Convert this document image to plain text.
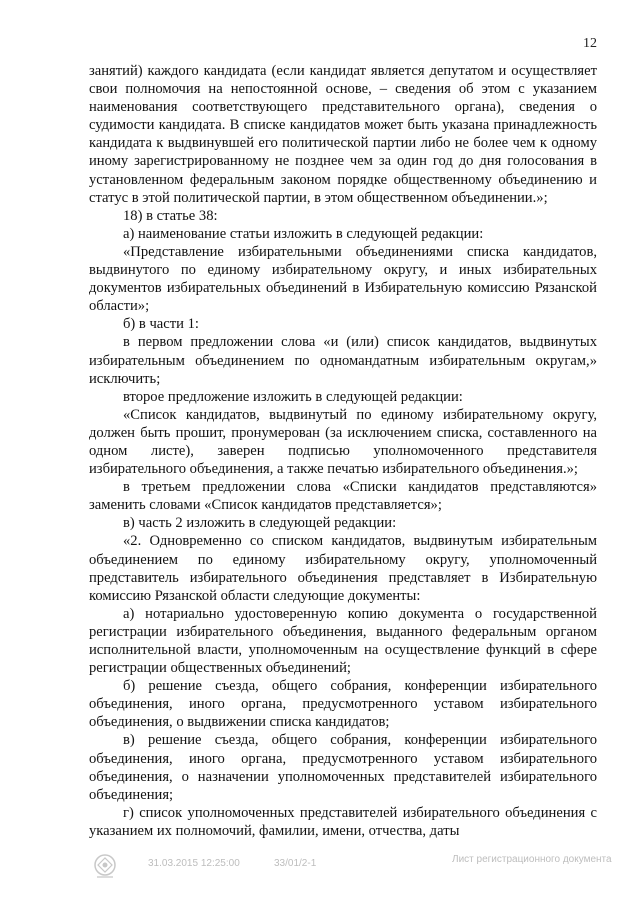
12

занятий) каждого кандидата (если кандидат является депутатом и осуществляет свои полномочия на непостоянной основе, – сведения об этом с указанием наименования соответствующего представительного органа), сведения о судимости кандидата. В списке кандидатов может быть указана принадлежность кандидата к выдвинувшей его политической партии либо не более чем к одному иному зарегистрированному не позднее чем за один год до дня голосования в установленном федеральным законом порядке общественному объединению и статус в этой политической партии, в этом общественном объединении.»;

18) в статье 38:

а) наименование статьи изложить в следующей редакции:

«Представление избирательными объединениями списка кандидатов, выдвинутого по единому избирательному округу, и иных избирательных документов избирательных объединений в Избирательную комиссию Рязанской области»;

б) в части 1:

в первом предложении слова «и (или) список кандидатов, выдвинутых избирательным объединением по одномандатным избирательным округам,» исключить;

второе предложение изложить в следующей редакции:

«Список кандидатов, выдвинутый по единому избирательному округу, должен быть прошит, пронумерован (за исключением списка, составленного на одном листе), заверен подписью уполномоченного представителя избирательного объединения, а также печатью избирательного объединения.»;

в третьем предложении слова «Списки кандидатов представляются» заменить словами «Список кандидатов представляется»;

в) часть 2 изложить в следующей редакции:

«2. Одновременно со списком кандидатов, выдвинутым избирательным объединением по единому избирательному округу, уполномоченный представитель избирательного объединения представляет в Избирательную комиссию Рязанской области следующие документы:

а) нотариально удостоверенную копию документа о государственной регистрации избирательного объединения, выданного федеральным органом исполнительной власти, уполномоченным на осуществление функций в сфере регистрации общественных объединений;

б) решение съезда, общего собрания, конференции избирательного объединения, иного органа, предусмотренного уставом избирательного объединения, о выдвижении списка кандидатов;

в) решение съезда, общего собрания, конференции избирательного объединения, иного органа, предусмотренного уставом избирательного объединения, о назначении уполномоченных представителей избирательного объединения;

г) список уполномоченных представителей избирательного объединения с указанием их полномочий, фамилии, имени, отчества, даты

31.03.2015 12:25:00	33/01/2-1	Лист регистрационного документа
